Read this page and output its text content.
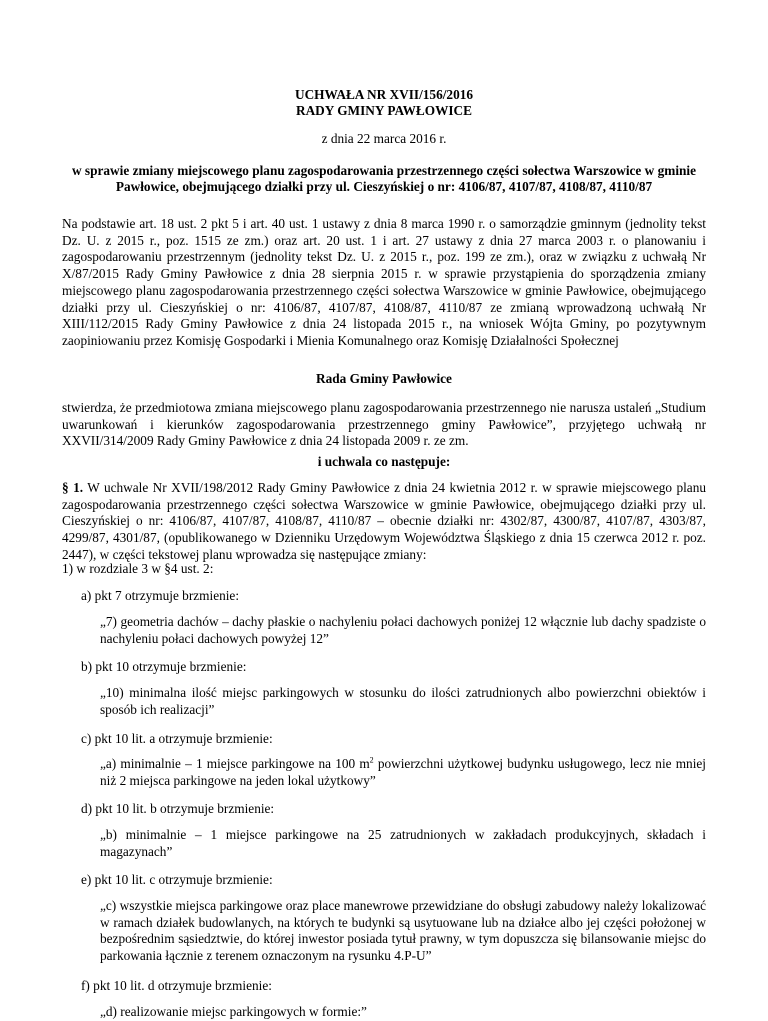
UCHWAŁA NR XVII/156/2016
RADY GMINY PAWŁOWICE
z dnia 22 marca 2016 r.
w sprawie zmiany miejscowego planu zagospodarowania przestrzennego części sołectwa Warszowice w gminie Pawłowice, obejmującego działki przy ul. Cieszyńskiej o nr: 4106/87, 4107/87, 4108/87, 4110/87
Na podstawie art. 18 ust. 2 pkt 5 i art. 40 ust. 1 ustawy z dnia 8 marca 1990 r. o samorządzie gminnym (jednolity tekst Dz. U. z 2015 r., poz. 1515 ze zm.) oraz art. 20 ust. 1 i art. 27 ustawy z dnia 27 marca 2003 r. o planowaniu i zagospodarowaniu przestrzennym (jednolity tekst Dz. U. z 2015 r., poz. 199 ze zm.), oraz w związku z uchwałą Nr X/87/2015 Rady Gminy Pawłowice z dnia 28 sierpnia 2015 r. w sprawie przystąpienia do sporządzenia zmiany miejscowego planu zagospodarowania przestrzennego części sołectwa Warszowice w gminie Pawłowice, obejmującego działki przy ul. Cieszyńskiej o nr: 4106/87, 4107/87, 4108/87, 4110/87 ze zmianą wprowadzoną uchwałą Nr XIII/112/2015 Rady Gminy Pawłowice z dnia 24 listopada 2015 r., na wniosek Wójta Gminy, po pozytywnym zaopiniowaniu przez Komisję Gospodarki i Mienia Komunalnego oraz Komisję Działalności Społecznej
Rada Gminy Pawłowice
stwierdza, że przedmiotowa zmiana miejscowego planu zagospodarowania przestrzennego nie narusza ustaleń „Studium uwarunkowań i kierunków zagospodarowania przestrzennego gminy Pawłowice”, przyjętego uchwałą nr XXVII/314/2009 Rady Gminy Pawłowice z dnia 24 listopada 2009 r. ze zm.
i uchwala co następuje:
§ 1. W uchwale Nr XVII/198/2012 Rady Gminy Pawłowice z dnia 24 kwietnia 2012 r. w sprawie miejscowego planu zagospodarowania przestrzennego części sołectwa Warszowice w gminie Pawłowice, obejmującego działki przy ul. Cieszyńskiej o nr: 4106/87, 4107/87, 4108/87, 4110/87 – obecnie działki nr: 4302/87, 4300/87, 4107/87, 4303/87, 4299/87, 4301/87, (opublikowanego w Dzienniku Urzędowym Województwa Śląskiego z dnia 15 czerwca 2012 r. poz. 2447), w części tekstowej planu wprowadza się następujące zmiany:
1) w rozdziale 3 w §4 ust. 2:
a) pkt 7 otrzymuje brzmienie:
„7) geometria dachów – dachy płaskie o nachyleniu połaci dachowych poniżej 12 włącznie lub dachy spadziste o nachyleniu połaci dachowych powyżej 12”
b) pkt 10 otrzymuje brzmienie:
„10) minimalna ilość miejsc parkingowych w stosunku do ilości zatrudnionych albo powierzchni obiektów i sposób ich realizacji”
c) pkt 10 lit. a otrzymuje brzmienie:
„a) minimalnie – 1 miejsce parkingowe na 100 $m^2$ powierzchni użytkowej budynku usługowego, lecz nie mniej niż 2 miejsca parkingowe na jeden lokal użytkowy”
d) pkt 10 lit. b otrzymuje brzmienie:
„b) minimalnie – 1 miejsce parkingowe na 25 zatrudnionych w zakładach produkcyjnych, składach i magazynach”
e) pkt 10 lit. c otrzymuje brzmienie:
„c) wszystkie miejsca parkingowe oraz place manewrowe przewidziane do obsługi zabudowy należy lokalizować w ramach działek budowlanych, na których te budynki są usytuowane lub na działce albo jej części położonej w bezpośrednim sąsiedztwie, do której inwestor posiada tytuł prawny, w tym dopuszcza się bilansowanie miejsc do parkowania łącznie z terenem oznaczonym na rysunku 4.P-U”
f) pkt 10 lit. d otrzymuje brzmienie:
„d) realizowanie miejsc parkingowych w formie:”
